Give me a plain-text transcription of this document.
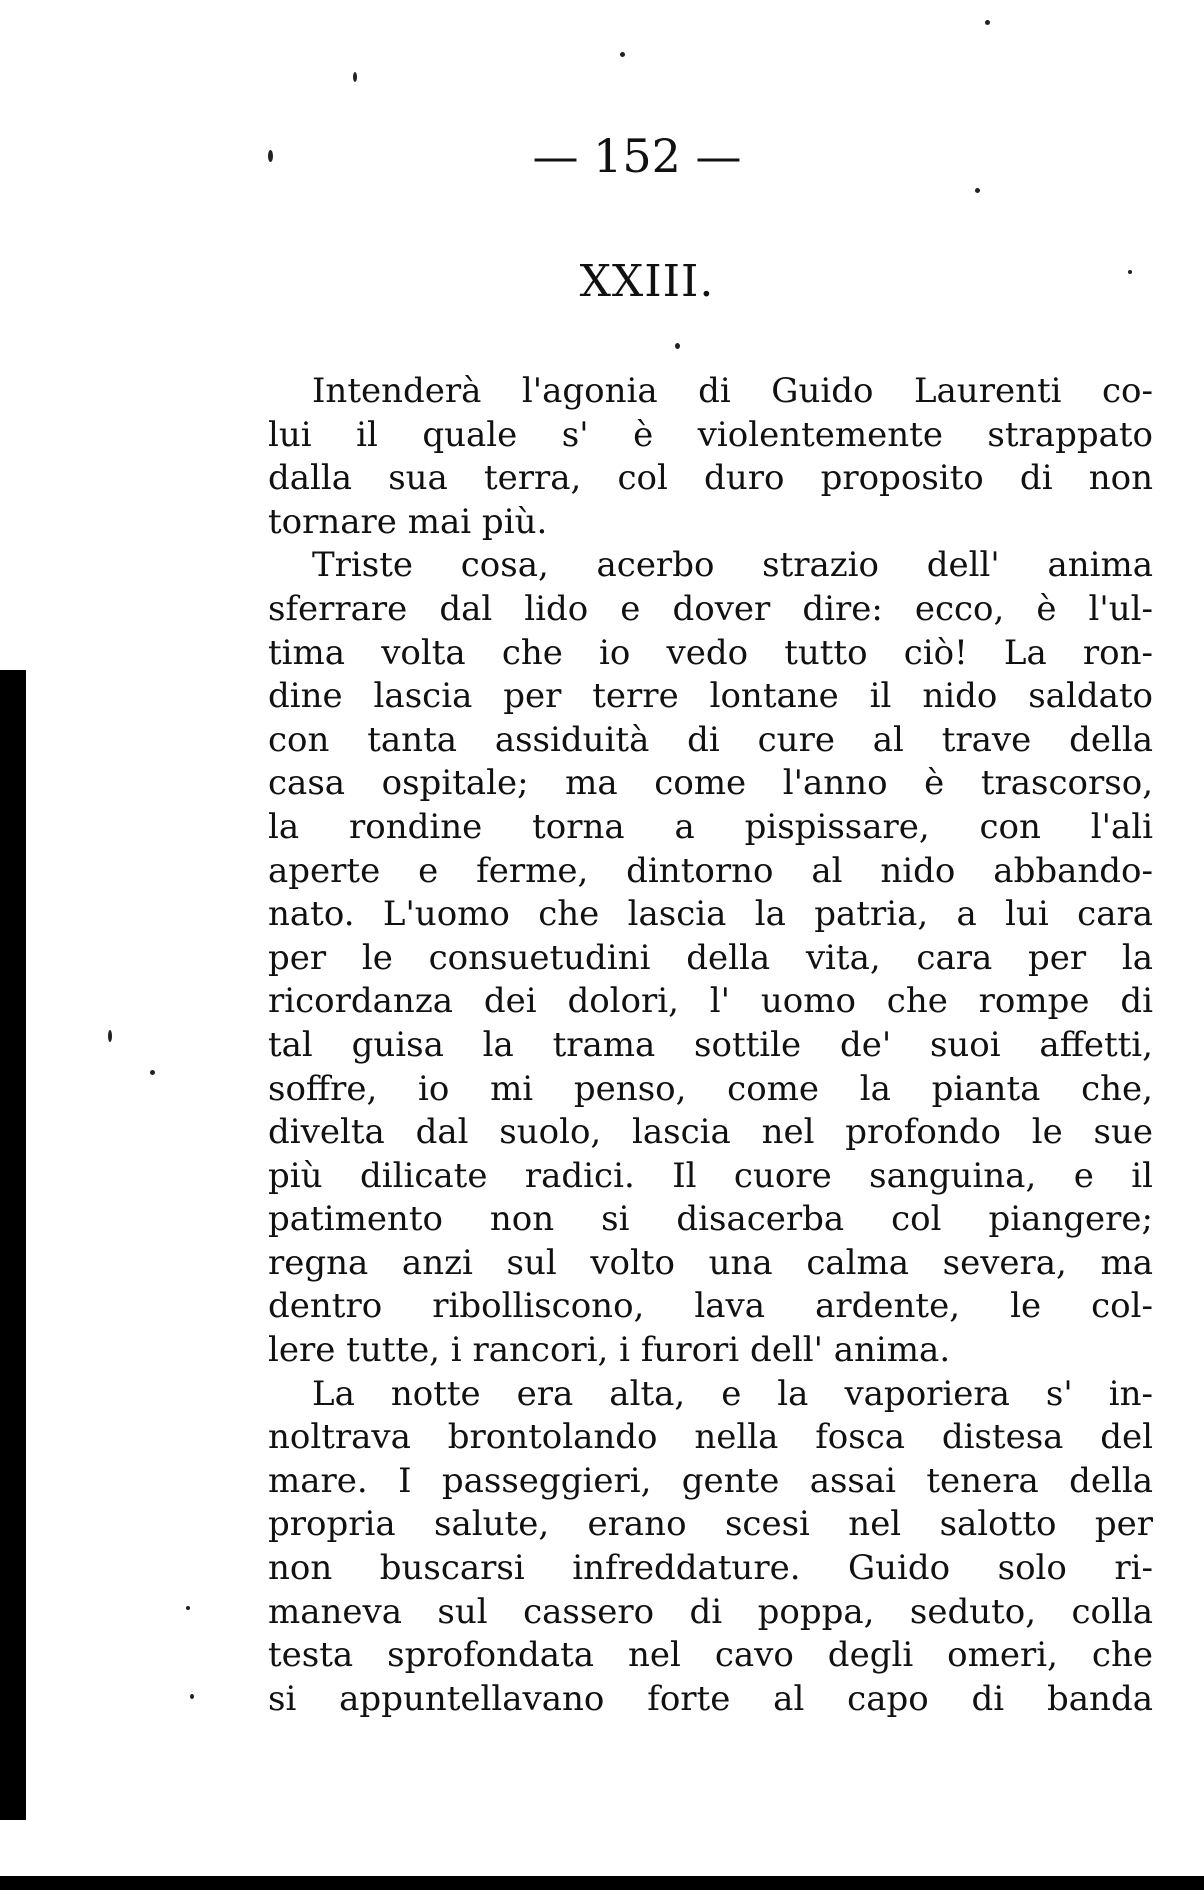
— 152 —
XXIII.
Intenderà l'agonia di Guido Laurenti co-
lui il quale s' è violentemente strappato
dalla sua terra, col duro proposito di non
tornare mai più.
Triste cosa, acerbo strazio dell' anima
sferrare dal lido e dover dire: ecco, è l'ul-
tima volta che io vedo tutto ciò! La ron-
dine lascia per terre lontane il nido saldato
con tanta assiduità di cure al trave della
casa ospitale; ma come l'anno è trascorso,
la rondine torna a pispissare, con l'ali
aperte e ferme, dintorno al nido abbando-
nato. L'uomo che lascia la patria, a lui cara
per le consuetudini della vita, cara per la
ricordanza dei dolori, l' uomo che rompe di
tal guisa la trama sottile de' suoi affetti,
soffre, io mi penso, come la pianta che,
divelta dal suolo, lascia nel profondo le sue
più dilicate radici. Il cuore sanguina, e il
patimento non si disacerba col piangere;
regna anzi sul volto una calma severa, ma
dentro ribolliscono, lava ardente, le col-
lere tutte, i rancori, i furori dell' anima.
La notte era alta, e la vaporiera s' in-
noltrava brontolando nella fosca distesa del
mare. I passeggieri, gente assai tenera della
propria salute, erano scesi nel salotto per
non buscarsi infreddature. Guido solo ri-
maneva sul cassero di poppa, seduto, colla
testa sprofondata nel cavo degli omeri, che
si appuntellavano forte al capo di banda
